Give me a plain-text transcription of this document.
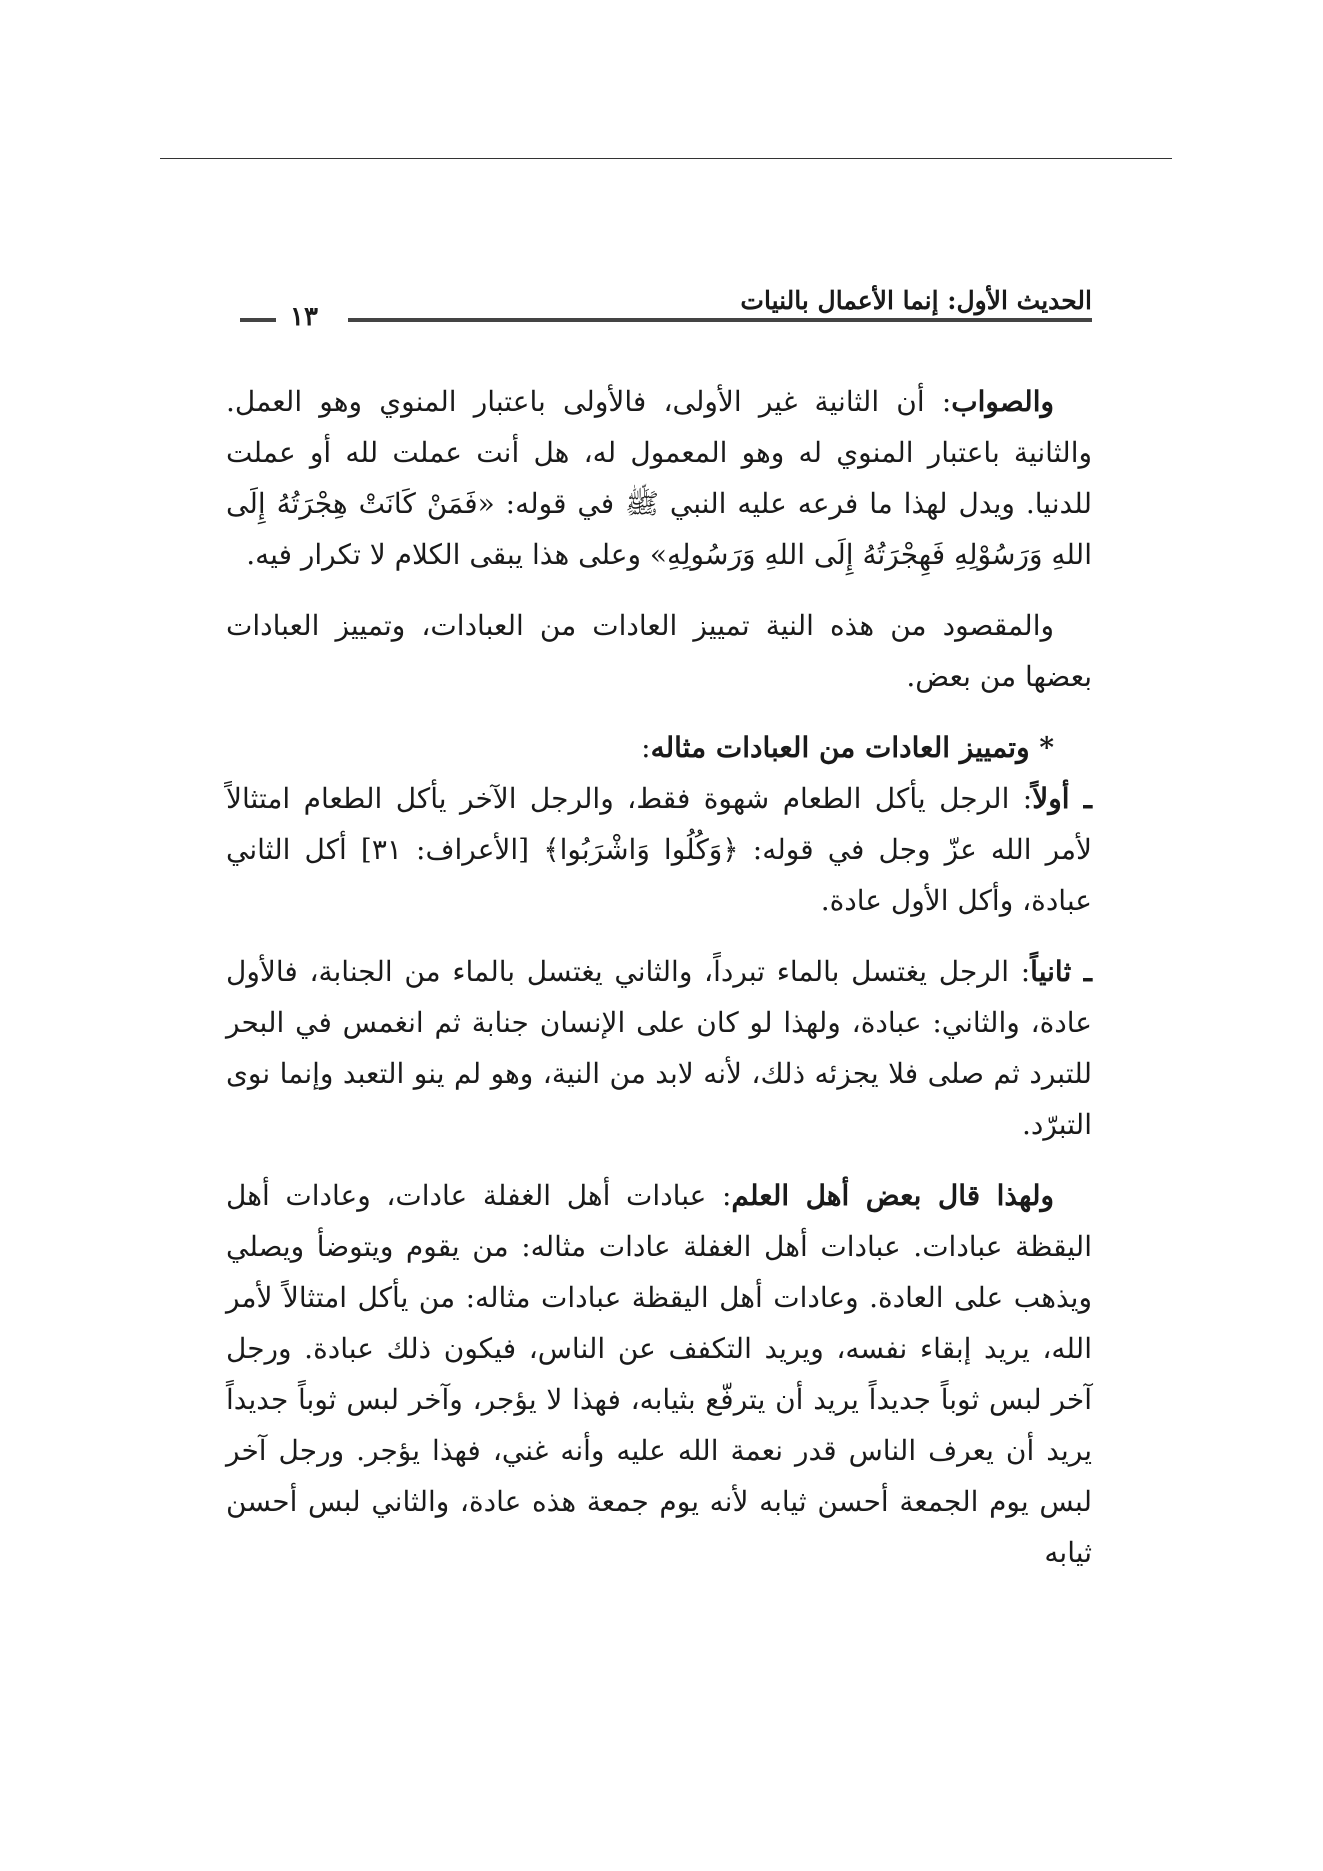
الحديث الأول: إنما الأعمال بالنيات
١٣

والصواب: أن الثانية غير الأولى، فالأولى باعتبار المنوي وهو العمل. والثانية باعتبار المنوي له وهو المعمول له، هل أنت عملت لله أو عملت للدنيا. ويدل لهذا ما فرعه عليه النبي ﷺ في قوله: «فَمَنْ كَانَتْ هِجْرَتُهُ إِلَى اللهِ وَرَسُوْلِهِ فَهِجْرَتُهُ إِلَى اللهِ وَرَسُولِهِ» وعلى هذا يبقى الكلام لا تكرار فيه.

والمقصود من هذه النية تمييز العادات من العبادات، وتمييز العبادات بعضها من بعض.

* وتمييز العادات من العبادات مثاله:

ـ أولاً: الرجل يأكل الطعام شهوة فقط، والرجل الآخر يأكل الطعام امتثالاً لأمر الله عزّ وجل في قوله: ﴿وَكُلُوا وَاشْرَبُوا﴾ [الأعراف: ٣١] أكل الثاني عبادة، وأكل الأول عادة.

ـ ثانياً: الرجل يغتسل بالماء تبرداً، والثاني يغتسل بالماء من الجنابة، فالأول عادة، والثاني: عبادة، ولهذا لو كان على الإنسان جنابة ثم انغمس في البحر للتبرد ثم صلى فلا يجزئه ذلك، لأنه لابد من النية، وهو لم ينو التعبد وإنما نوى التبرّد.

ولهذا قال بعض أهل العلم: عبادات أهل الغفلة عادات، وعادات أهل اليقظة عبادات. عبادات أهل الغفلة عادات مثاله: من يقوم ويتوضأ ويصلي ويذهب على العادة. وعادات أهل اليقظة عبادات مثاله: من يأكل امتثالاً لأمر الله، يريد إبقاء نفسه، ويريد التكفف عن الناس، فيكون ذلك عبادة. ورجل آخر لبس ثوباً جديداً يريد أن يترفّع بثيابه، فهذا لا يؤجر، وآخر لبس ثوباً جديداً يريد أن يعرف الناس قدر نعمة الله عليه وأنه غني، فهذا يؤجر. ورجل آخر لبس يوم الجمعة أحسن ثيابه لأنه يوم جمعة هذه عادة، والثاني لبس أحسن ثيابه
